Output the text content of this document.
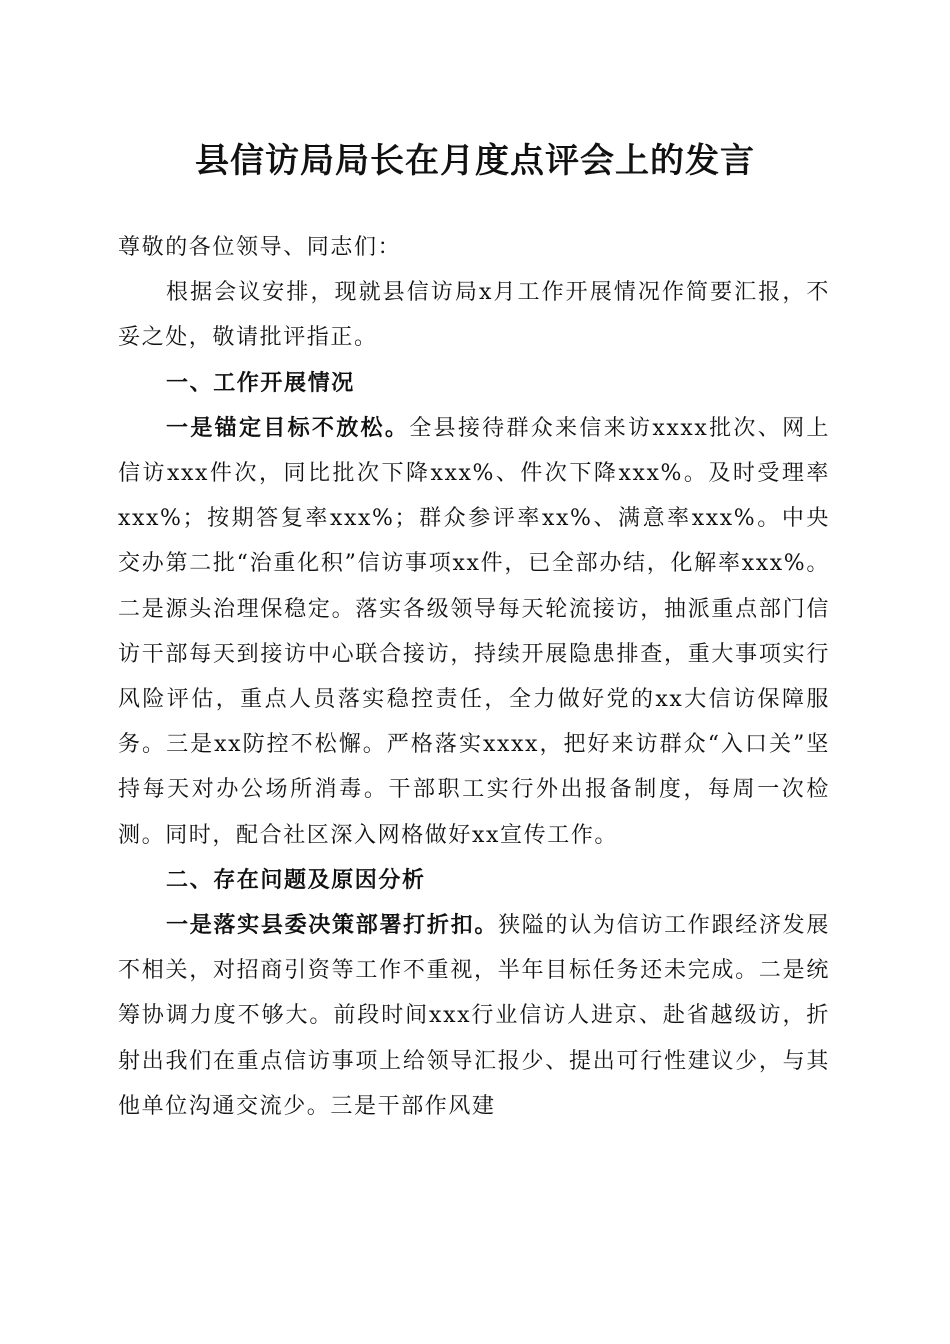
县信访局局长在月度点评会上的发言

尊敬的各位领导、同志们：

根据会议安排，现就县信访局x月工作开展情况作简要汇报，不妥之处，敬请批评指正。

一、工作开展情况

一是锚定目标不放松。全县接待群众来信来访xxxx批次、网上信访xxx件次，同比批次下降xxx%、件次下降xxx%。及时受理率xxx%；按期答复率xxx%；群众参评率xx%、满意率xxx%。中央交办第二批“治重化积”信访事项xx件，已全部办结，化解率xxx%。二是源头治理保稳定。落实各级领导每天轮流接访，抽派重点部门信访干部每天到接访中心联合接访，持续开展隐患排查，重大事项实行风险评估，重点人员落实稳控责任，全力做好党的xx大信访保障服务。三是xx防控不松懈。严格落实xxxx，把好来访群众“入口关”坚持每天对办公场所消毒。干部职工实行外出报备制度，每周一次检测。同时，配合社区深入网格做好xx宣传工作。

二、存在问题及原因分析

一是落实县委决策部署打折扣。狭隘的认为信访工作跟经济发展不相关，对招商引资等工作不重视，半年目标任务还未完成。二是统筹协调力度不够大。前段时间xxx行业信访人进京、赴省越级访，折射出我们在重点信访事项上给领导汇报少、提出可行性建议少，与其他单位沟通交流少。三是干部作风建
